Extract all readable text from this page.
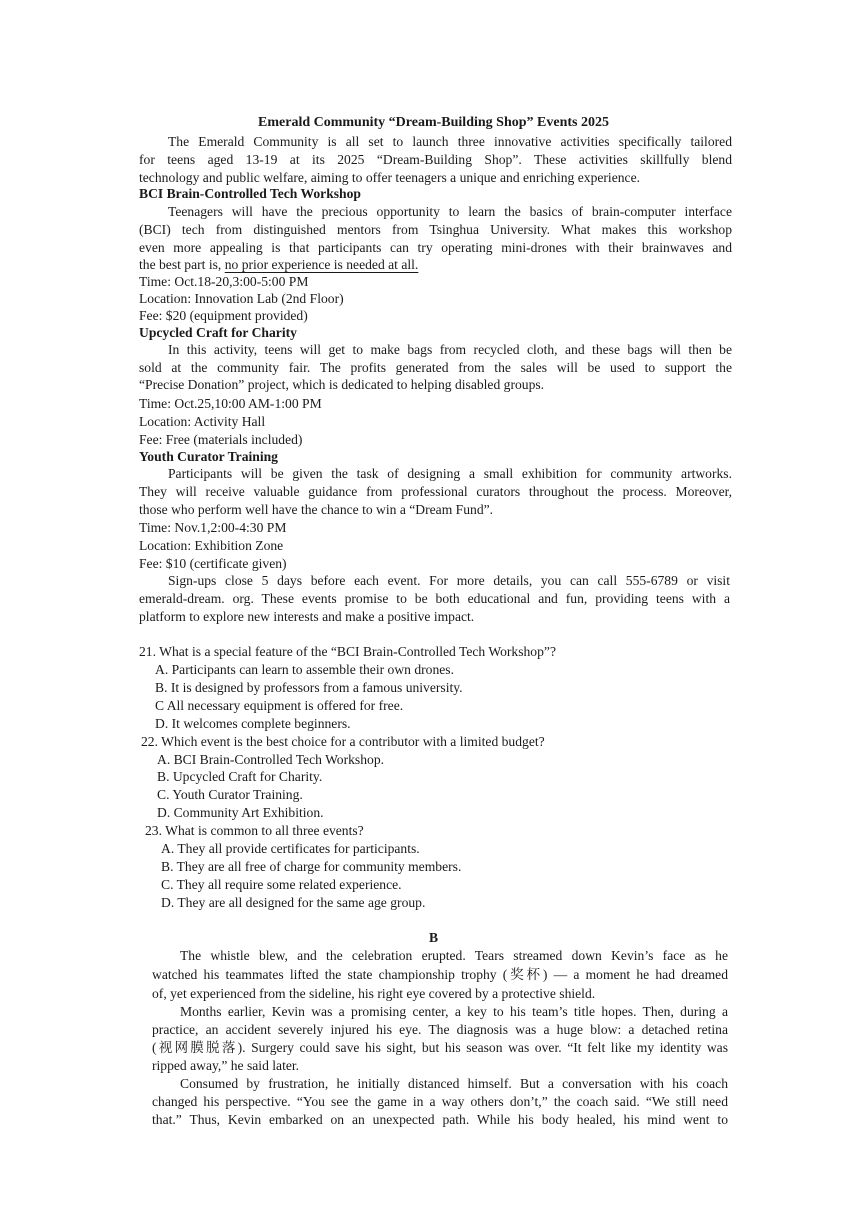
Emerald Community “Dream-Building Shop” Events 2025
The Emerald Community is all set to launch three innovative activities specifically tailored
for teens aged 13-19 at its 2025 “Dream-Building Shop”. These activities skillfully blend
technology and public welfare, aiming to offer teenagers a unique and enriching experience.
BCI Brain-Controlled Tech Workshop
Teenagers will have the precious opportunity to learn the basics of brain-computer interface
(BCI) tech from distinguished mentors from Tsinghua University. What makes this workshop
even more appealing is that participants can try operating mini-drones with their brainwaves and
the best part is, no prior experience is needed at all.
Time: Oct.18-20,3:00-5:00 PM
Location: Innovation Lab (2nd Floor)
Fee: $20 (equipment provided)
Upcycled Craft for Charity
In this activity, teens will get to make bags from recycled cloth, and these bags will then be
sold at the community fair. The profits generated from the sales will be used to support the
“Precise Donation” project, which is dedicated to helping disabled groups.
Time: Oct.25,10:00 AM-1:00 PM
Location: Activity Hall
Fee: Free (materials included)
Youth Curator Training
Participants will be given the task of designing a small exhibition for community artworks.
They will receive valuable guidance from professional curators throughout the process. Moreover,
those who perform well have the chance to win a “Dream Fund”.
Time: Nov.1,2:00-4:30 PM
Location: Exhibition Zone
Fee: $10 (certificate given)
Sign-ups close 5 days before each event. For more details, you can call 555-6789 or visit
emerald-dream. org. These events promise to be both educational and fun, providing teens with a
platform to explore new interests and make a positive impact.
21. What is a special feature of the “BCI Brain-Controlled Tech Workshop”?
A. Participants can learn to assemble their own drones.
B. It is designed by professors from a famous university.
C All necessary equipment is offered for free.
D. It welcomes complete beginners.
22. Which event is the best choice for a contributor with a limited budget?
A. BCI Brain-Controlled Tech Workshop.
B. Upcycled Craft for Charity.
C. Youth Curator Training.
D. Community Art Exhibition.
23. What is common to all three events?
A. They all provide certificates for participants.
B. They are all free of charge for community members.
C. They all require some related experience.
D. They are all designed for the same age group.
B
The whistle blew, and the celebration erupted. Tears streamed down Kevin’s face as he
watched his teammates lifted the state championship trophy (奖杯) — a moment he had dreamed
of, yet experienced from the sideline, his right eye covered by a protective shield.
Months earlier, Kevin was a promising center, a key to his team’s title hopes. Then, during a
practice, an accident severely injured his eye. The diagnosis was a huge blow: a detached retina
(视网膜脱落). Surgery could save his sight, but his season was over. “It felt like my identity was
ripped away,” he said later.
Consumed by frustration, he initially distanced himself. But a conversation with his coach
changed his perspective. “You see the game in a way others don’t,” the coach said. “We still need
that.” Thus, Kevin embarked on an unexpected path. While his body healed, his mind went to
